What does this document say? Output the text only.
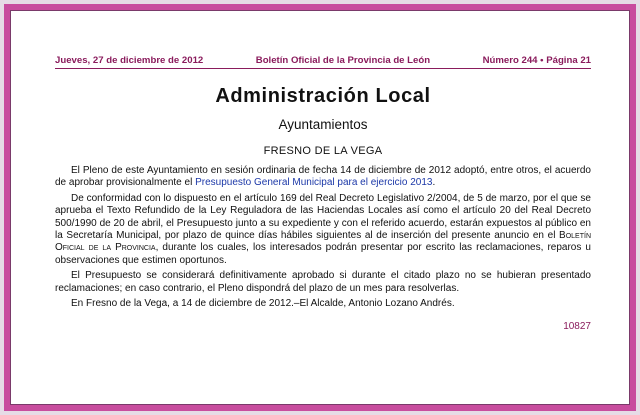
Jueves, 27 de diciembre de 2012	Boletín Oficial de la Provincia de León	Número 244 • Página 21
Administración Local
Ayuntamientos
FRESNO DE LA VEGA

El Pleno de este Ayuntamiento en sesión ordinaria de fecha 14 de diciembre de 2012 adoptó, entre otros, el acuerdo de aprobar provisionalmente el Presupuesto General Municipal para el ejercicio 2013.

De conformidad con lo dispuesto en el artículo 169 del Real Decreto Legislativo 2/2004, de 5 de marzo, por el que se aprueba el Texto Refundido de la Ley Reguladora de las Haciendas Locales así como el artículo 20 del Real Decreto 500/1990 de 20 de abril, el Presupuesto junto a su expediente y con el referido acuerdo, estarán expuestos al público en la Secretaría Municipal, por plazo de quince días hábiles siguientes al de inserción del presente anuncio en el Boletín Oficial de la Provincia, durante los cuales, los interesados podrán presentar por escrito las reclamaciones, reparos u observaciones que estimen oportunos.

El Presupuesto se considerará definitivamente aprobado si durante el citado plazo no se hubieran presentado reclamaciones; en caso contrario, el Pleno dispondrá del plazo de un mes para resolverlas.

En Fresno de la Vega, a 14 de diciembre de 2012.–El Alcalde, Antonio Lozano Andrés.

10827
